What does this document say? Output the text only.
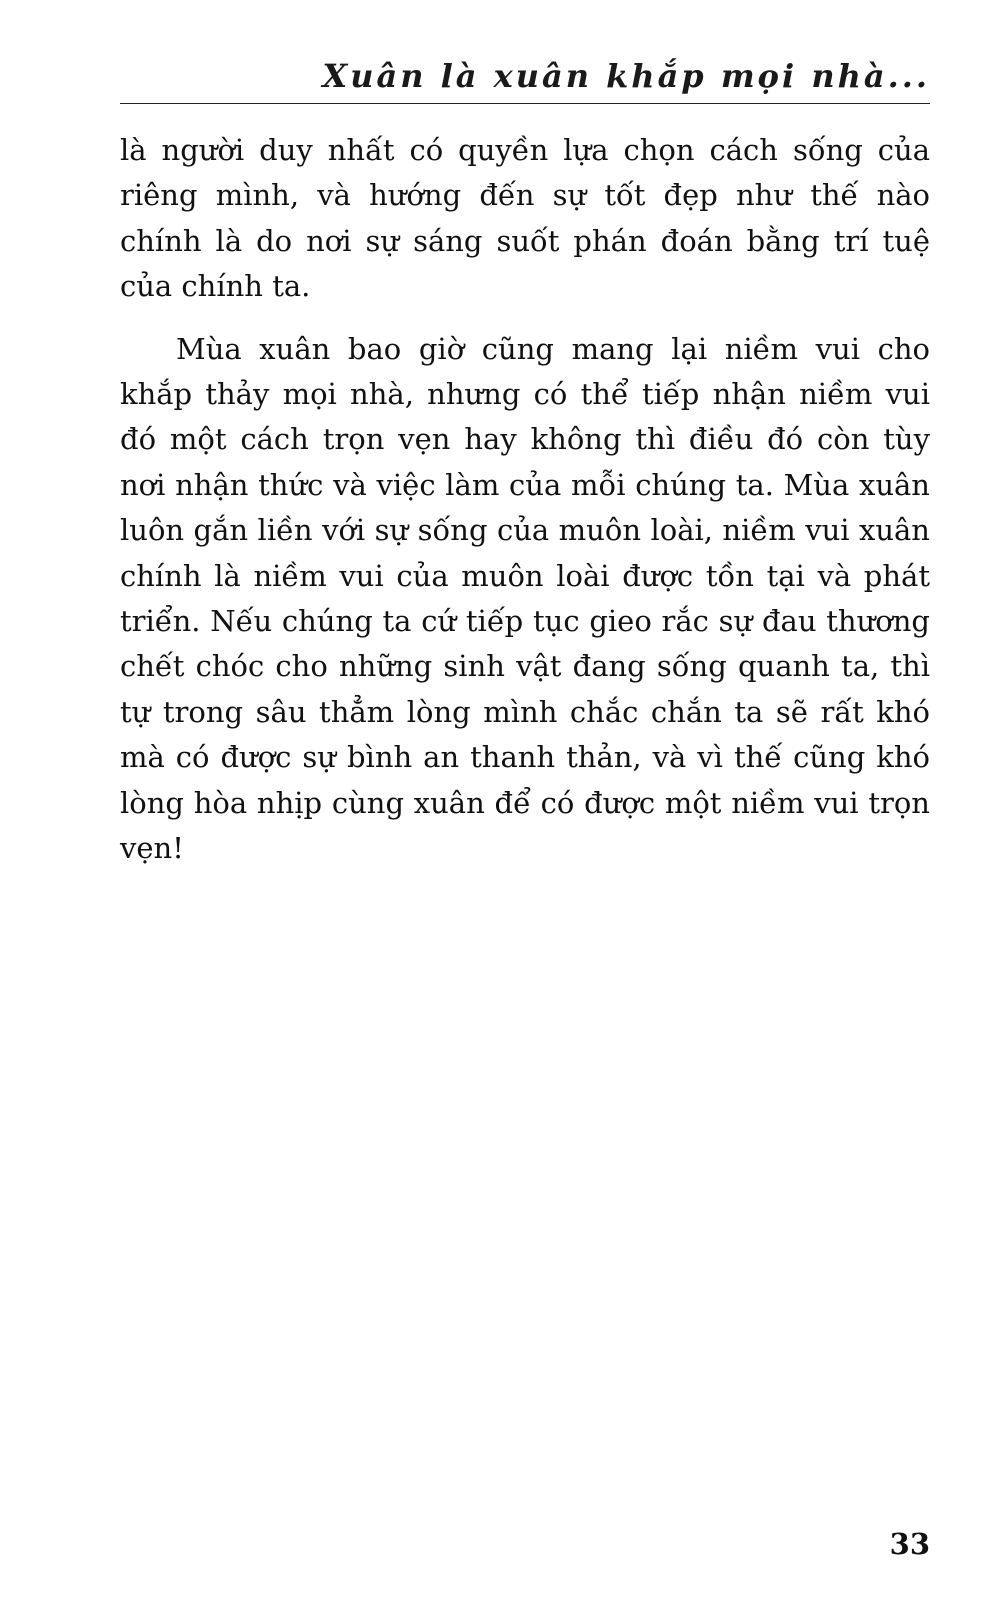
Xuân là xuân khắp mọi nhà...

là người duy nhất có quyền lựa chọn cách sống của riêng mình, và hướng đến sự tốt đẹp như thế nào chính là do nơi sự sáng suốt phán đoán bằng trí tuệ của chính ta.

Mùa xuân bao giờ cũng mang lại niềm vui cho khắp thảy mọi nhà, nhưng có thể tiếp nhận niềm vui đó một cách trọn vẹn hay không thì điều đó còn tùy nơi nhận thức và việc làm của mỗi chúng ta. Mùa xuân luôn gắn liền với sự sống của muôn loài, niềm vui xuân chính là niềm vui của muôn loài được tồn tại và phát triển. Nếu chúng ta cứ tiếp tục gieo rắc sự đau thương chết chóc cho những sinh vật đang sống quanh ta, thì tự trong sâu thẳm lòng mình chắc chắn ta sẽ rất khó mà có được sự bình an thanh thản, và vì thế cũng khó lòng hòa nhịp cùng xuân để có được một niềm vui trọn vẹn!

33
